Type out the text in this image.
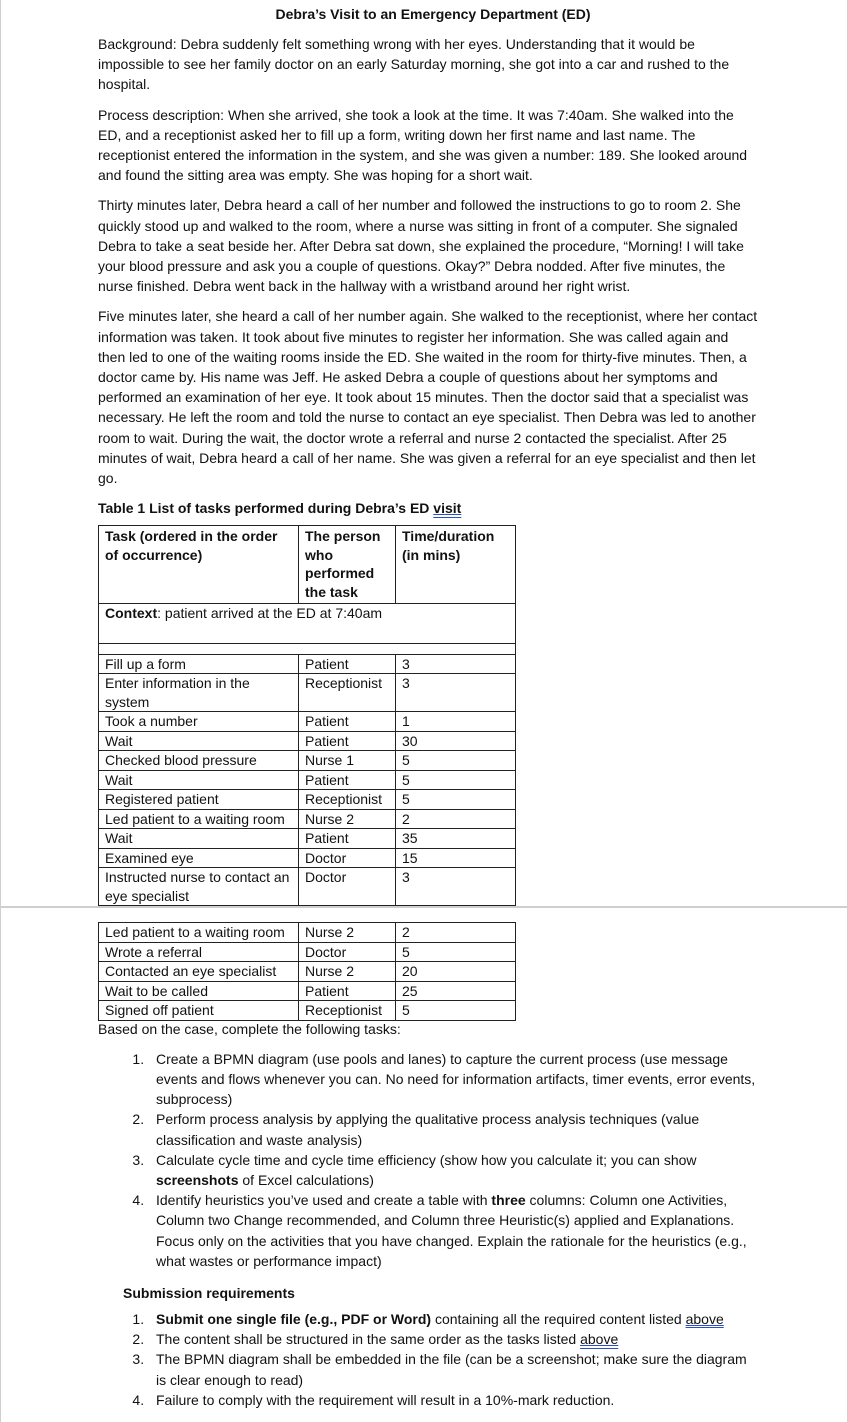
Debra’s Visit to an Emergency Department (ED)

Background: Debra suddenly felt something wrong with her eyes. Understanding that it would be impossible to see her family doctor on an early Saturday morning, she got into a car and rushed to the hospital.

Process description: When she arrived, she took a look at the time. It was 7:40am. She walked into the ED, and a receptionist asked her to fill up a form, writing down her first name and last name. The receptionist entered the information in the system, and she was given a number: 189. She looked around and found the sitting area was empty. She was hoping for a short wait.

Thirty minutes later, Debra heard a call of her number and followed the instructions to go to room 2. She quickly stood up and walked to the room, where a nurse was sitting in front of a computer. She signaled Debra to take a seat beside her. After Debra sat down, she explained the procedure, “Morning! I will take your blood pressure and ask you a couple of questions. Okay?” Debra nodded. After five minutes, the nurse finished. Debra went back in the hallway with a wristband around her right wrist.

Five minutes later, she heard a call of her number again. She walked to the receptionist, where her contact information was taken. It took about five minutes to register her information. She was called again and then led to one of the waiting rooms inside the ED. She waited in the room for thirty-five minutes. Then, a doctor came by. His name was Jeff. He asked Debra a couple of questions about her symptoms and performed an examination of her eye. It took about 15 minutes. Then the doctor said that a specialist was necessary. He left the room and told the nurse to contact an eye specialist. Then Debra was led to another room to wait. During the wait, the doctor wrote a referral and nurse 2 contacted the specialist. After 25 minutes of wait, Debra heard a call of her name. She was given a referral for an eye specialist and then let go.

Table 1 List of tasks performed during Debra’s ED visit
Task (ordered in the order of occurrence)	The person who performed the task	Time/duration (in mins)
Context: patient arrived at the ED at 7:40am		

Fill up a form	Patient	3
Enter information in the system	Receptionist	3
Took a number	Patient	1
Wait	Patient	30
Checked blood pressure	Nurse 1	5
Wait	Patient	5
Registered patient	Receptionist	5
Led patient to a waiting room	Nurse 2	2
Wait	Patient	35
Examined eye	Doctor	15
Instructed nurse to contact an eye specialist	Doctor	3
Led patient to a waiting room	Nurse 2	2
Wrote a referral	Doctor	5
Contacted an eye specialist	Nurse 2	20
Wait to be called	Patient	25
Signed off patient	Receptionist	5
Based on the case, complete the following tasks:
1. Create a BPMN diagram (use pools and lanes) to capture the current process (use message events and flows whenever you can. No need for information artifacts, timer events, error events, subprocess)
2. Perform process analysis by applying the qualitative process analysis techniques (value classification and waste analysis)
3. Calculate cycle time and cycle time efficiency (show how you calculate it; you can show screenshots of Excel calculations)
4. Identify heuristics you’ve used and create a table with three columns: Column one Activities, Column two Change recommended, and Column three Heuristic(s) applied and Explanations. Focus only on the activities that you have changed. Explain the rationale for the heuristics (e.g., what wastes or performance impact)
Submission requirements
1. Submit one single file (e.g., PDF or Word) containing all the required content listed above
2. The content shall be structured in the same order as the tasks listed above
3. The BPMN diagram shall be embedded in the file (can be a screenshot; make sure the diagram is clear enough to read)
4. Failure to comply with the requirement will result in a 10%-mark reduction.
